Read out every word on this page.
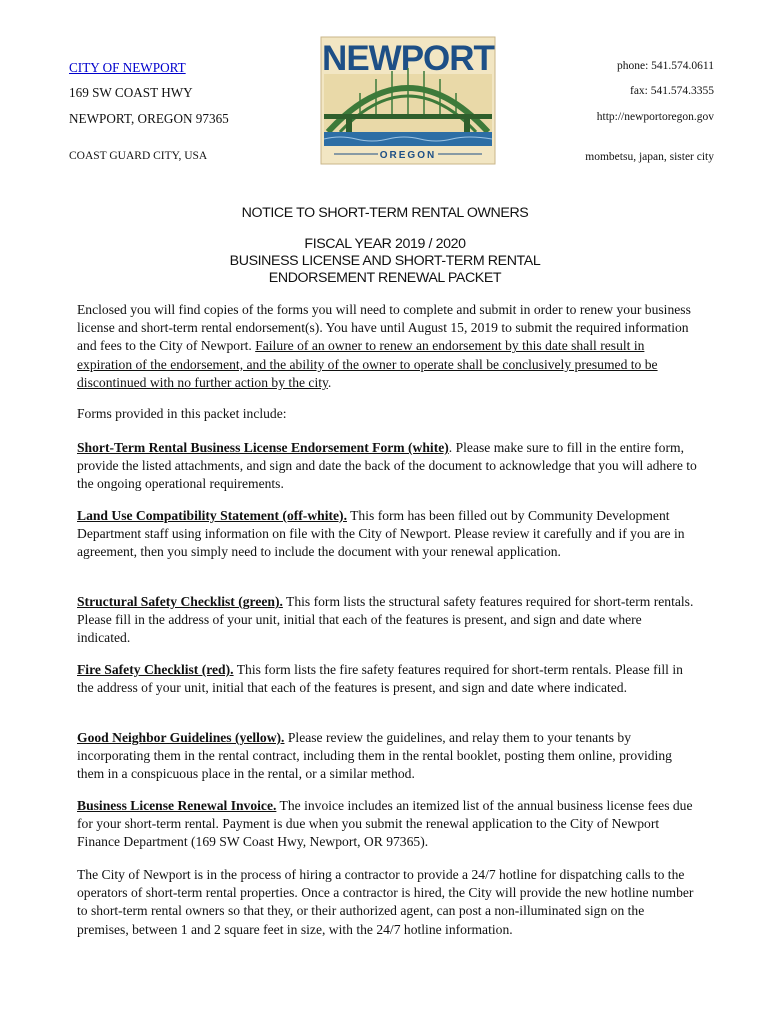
CITY OF NEWPORT
169 SW COAST HWY
NEWPORT, OREGON 97365
COAST GUARD CITY, USA
phone: 541.574.0611
fax: 541.574.3355
http://newportoregon.gov
mombetsu, japan, sister city
NEWPORT
OREGON
NOTICE TO SHORT-TERM RENTAL OWNERS
FISCAL YEAR 2019 / 2020
BUSINESS LICENSE AND SHORT-TERM RENTAL
ENDORSEMENT RENEWAL PACKET

Enclosed you will find copies of the forms you will need to complete and submit in order to renew your business license and short-term rental endorsement(s). You have until August 15, 2019 to submit the required information and fees to the City of Newport. Failure of an owner to renew an endorsement by this date shall result in expiration of the endorsement, and the ability of the owner to operate shall be conclusively presumed to be discontinued with no further action by the city.

Forms provided in this packet include:

Short-Term Rental Business License Endorsement Form (white). Please make sure to fill in the entire form, provide the listed attachments, and sign and date the back of the document to acknowledge that you will adhere to the ongoing operational requirements.

Land Use Compatibility Statement (off-white). This form has been filled out by Community Development Department staff using information on file with the City of Newport. Please review it carefully and if you are in agreement, then you simply need to include the document with your renewal application.

Structural Safety Checklist (green). This form lists the structural safety features required for short-term rentals. Please fill in the address of your unit, initial that each of the features is present, and sign and date where indicated.

Fire Safety Checklist (red). This form lists the fire safety features required for short-term rentals. Please fill in the address of your unit, initial that each of the features is present, and sign and date where indicated.

Good Neighbor Guidelines (yellow). Please review the guidelines, and relay them to your tenants by incorporating them in the rental contract, including them in the rental booklet, posting them online, providing them in a conspicuous place in the rental, or a similar method.

Business License Renewal Invoice. The invoice includes an itemized list of the annual business license fees due for your short-term rental. Payment is due when you submit the renewal application to the City of Newport Finance Department (169 SW Coast Hwy, Newport, OR 97365).

The City of Newport is in the process of hiring a contractor to provide a 24/7 hotline for dispatching calls to the operators of short-term rental properties. Once a contractor is hired, the City will provide the new hotline number to short-term rental owners so that they, or their authorized agent, can post a non-illuminated sign on the premises, between 1 and 2 square feet in size, with the 24/7 hotline information.
